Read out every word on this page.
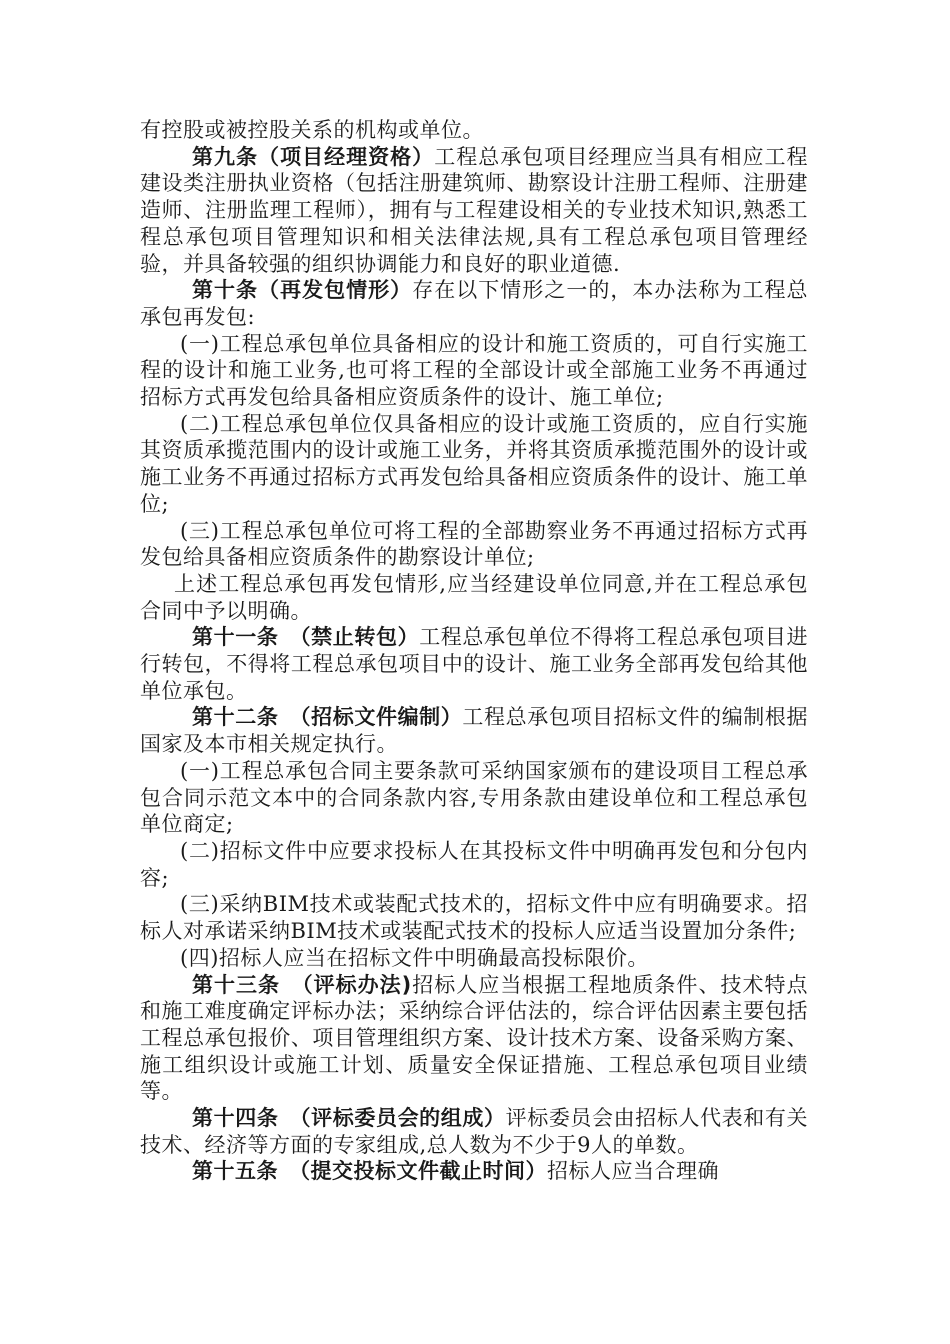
有控股或被控股关系的机构或单位。

第九条（项目经理资格）工程总承包项目经理应当具有相应工程建设类注册执业资格（包括注册建筑师、勘察设计注册工程师、注册建造师、注册监理工程师），拥有与工程建设相关的专业技术知识,熟悉工程总承包项目管理知识和相关法律法规,具有工程总承包项目管理经验，并具备较强的组织协调能力和良好的职业道德.

第十条（再发包情形）存在以下情形之一的，本办法称为工程总承包再发包:

(一)工程总承包单位具备相应的设计和施工资质的，可自行实施工程的设计和施工业务,也可将工程的全部设计或全部施工业务不再通过招标方式再发包给具备相应资质条件的设计、施工单位;

(二)工程总承包单位仅具备相应的设计或施工资质的，应自行实施其资质承揽范围内的设计或施工业务，并将其资质承揽范围外的设计或施工业务不再通过招标方式再发包给具备相应资质条件的设计、施工单位;

(三)工程总承包单位可将工程的全部勘察业务不再通过招标方式再发包给具备相应资质条件的勘察设计单位;

上述工程总承包再发包情形,应当经建设单位同意,并在工程总承包合同中予以明确。

第十一条　（禁止转包）工程总承包单位不得将工程总承包项目进行转包，不得将工程总承包项目中的设计、施工业务全部再发包给其他单位承包。

第十二条　（招标文件编制）工程总承包项目招标文件的编制根据国家及本市相关规定执行。

(一)工程总承包合同主要条款可采纳国家颁布的建设项目工程总承包合同示范文本中的合同条款内容,专用条款由建设单位和工程总承包单位商定;

(二)招标文件中应要求投标人在其投标文件中明确再发包和分包内容;

(三)采纳BIM技术或装配式技术的，招标文件中应有明确要求。招标人对承诺采纳BIM技术或装配式技术的投标人应适当设置加分条件;

(四)招标人应当在招标文件中明确最高投标限价。

第十三条　（评标办法)招标人应当根据工程地质条件、技术特点和施工难度确定评标办法；采纳综合评估法的，综合评估因素主要包括工程总承包报价、项目管理组织方案、设计技术方案、设备采购方案、施工组织设计或施工计划、质量安全保证措施、工程总承包项目业绩等。

第十四条　（评标委员会的组成）评标委员会由招标人代表和有关技术、经济等方面的专家组成,总人数为不少于9人的单数。

第十五条　（提交投标文件截止时间）招标人应当合理确
